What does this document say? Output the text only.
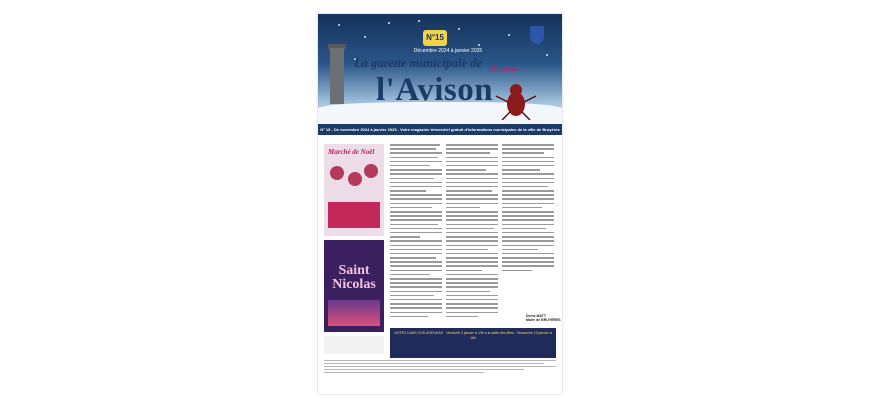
N°15
Décembre 2024 à janvier 2025
La gazette municipale de
l'Avison
Bruyères
N° 15 - De novembre 2024 à janvier 2025 - Votre magazine trimestriel gratuit d'informations municipales de la ville de Bruyères
Marché de Noël
Saint Nicolas
Denis MATT
Maire de BRUYÈRES
NOTEZ DANS VOS AGENDAS · Vendredi 3 janvier à 19h à la salle des fêtes · Dimanche 19 janvier à 16h
